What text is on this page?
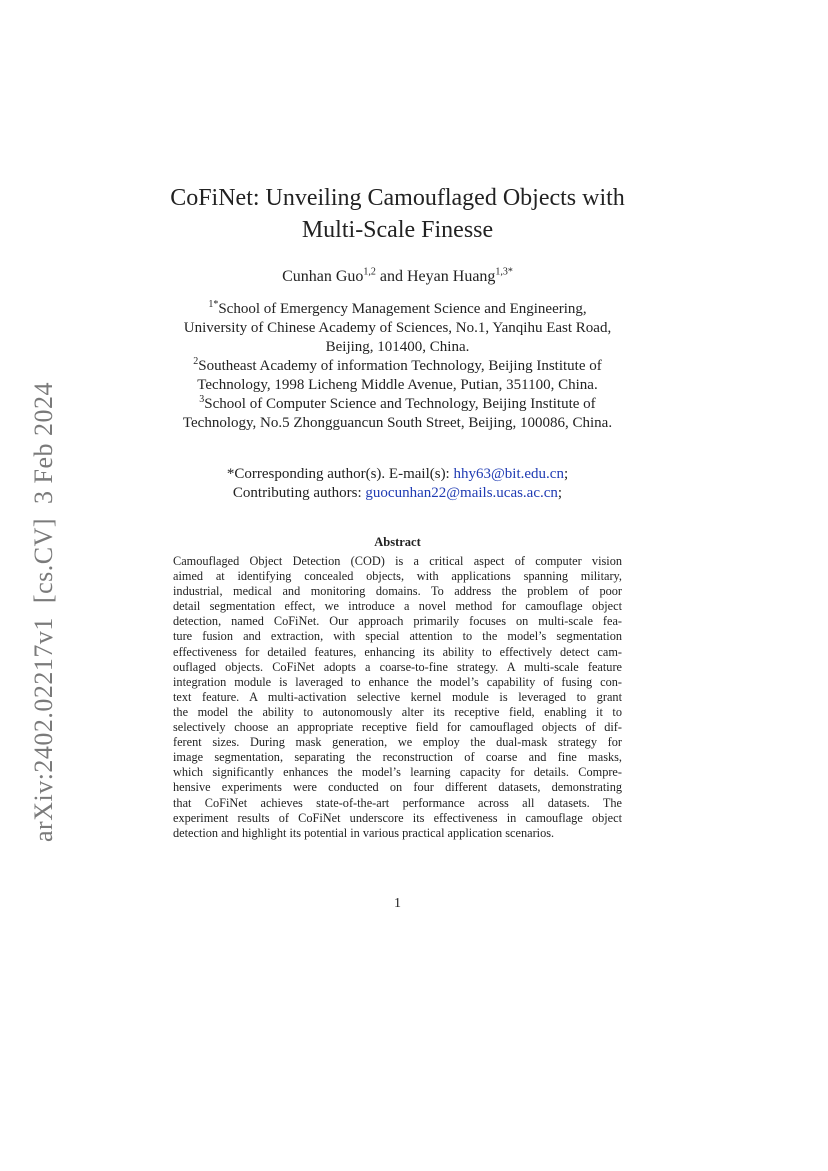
arXiv:2402.02217v1[cs.CV]3 Feb 2024
CoFiNet: Unveiling Camouflaged Objects with
Multi-Scale Finesse
Cunhan Guo$^{1,2}$ and Heyan Huang$^{1,3*}$
$^{1*}$School of Emergency Management Science and Engineering,
University of Chinese Academy of Sciences, No.1, Yanqihu East Road,
Beijing, 101400, China.
$^2$Southeast Academy of information Technology, Beijing Institute of
Technology, 1998 Licheng Middle Avenue, Putian, 351100, China.
$^3$School of Computer Science and Technology, Beijing Institute of
Technology, No.5 Zhongguancun South Street, Beijing, 100086, China.
*Corresponding author(s). E-mail(s): hhy63@bit.edu.cn;
Contributing authors: guocunhan22@mails.ucas.ac.cn;
Abstract
Camouflaged Object Detection (COD) is a critical aspect of computer vision
aimed at identifying concealed objects, with applications spanning military,
industrial, medical and monitoring domains. To address the problem of poor
detail segmentation effect, we introduce a novel method for camouflage object
detection, named CoFiNet. Our approach primarily focuses on multi-scale fea-
ture fusion and extraction, with special attention to the model’s segmentation
effectiveness for detailed features, enhancing its ability to effectively detect cam-
ouflaged objects. CoFiNet adopts a coarse-to-fine strategy. A multi-scale feature
integration module is laveraged to enhance the model’s capability of fusing con-
text feature. A multi-activation selective kernel module is leveraged to grant
the model the ability to autonomously alter its receptive field, enabling it to
selectively choose an appropriate receptive field for camouflaged objects of dif-
ferent sizes. During mask generation, we employ the dual-mask strategy for
image segmentation, separating the reconstruction of coarse and fine masks,
which significantly enhances the model’s learning capacity for details. Compre-
hensive experiments were conducted on four different datasets, demonstrating
that CoFiNet achieves state-of-the-art performance across all datasets. The
experiment results of CoFiNet underscore its effectiveness in camouflage object
detection and highlight its potential in various practical application scenarios.
1
